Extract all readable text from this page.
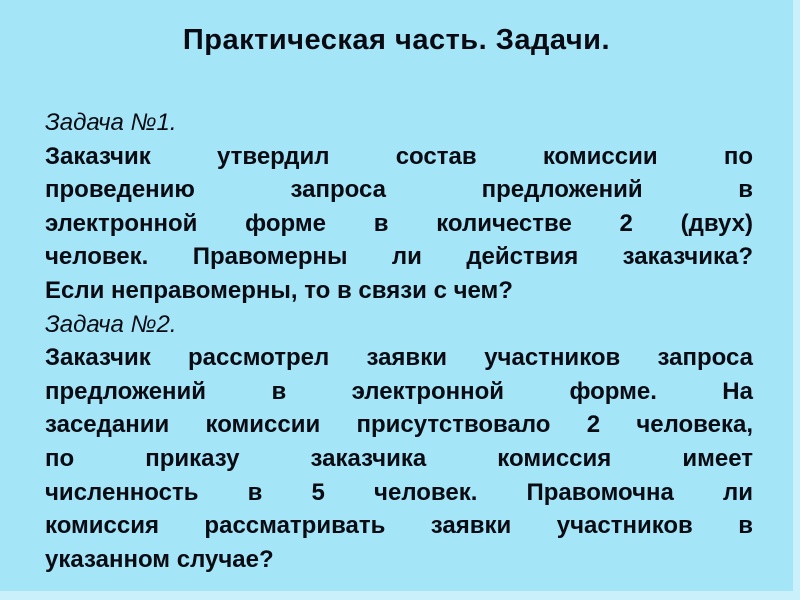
Практическая часть. Задачи.
Задача №1.
Заказчик утвердил состав комиссии по
проведению запроса предложений в
электронной форме в количестве 2 (двух)
человек. Правомерны ли действия заказчика?
Если неправомерны, то в связи с чем?
Задача №2.
Заказчик рассмотрел заявки участников запроса
предложений в электронной форме. На
заседании комиссии присутствовало 2 человека,
по приказу заказчика комиссия имеет
численность в 5 человек. Правомочна ли
комиссия рассматривать заявки участников в
указанном случае?
